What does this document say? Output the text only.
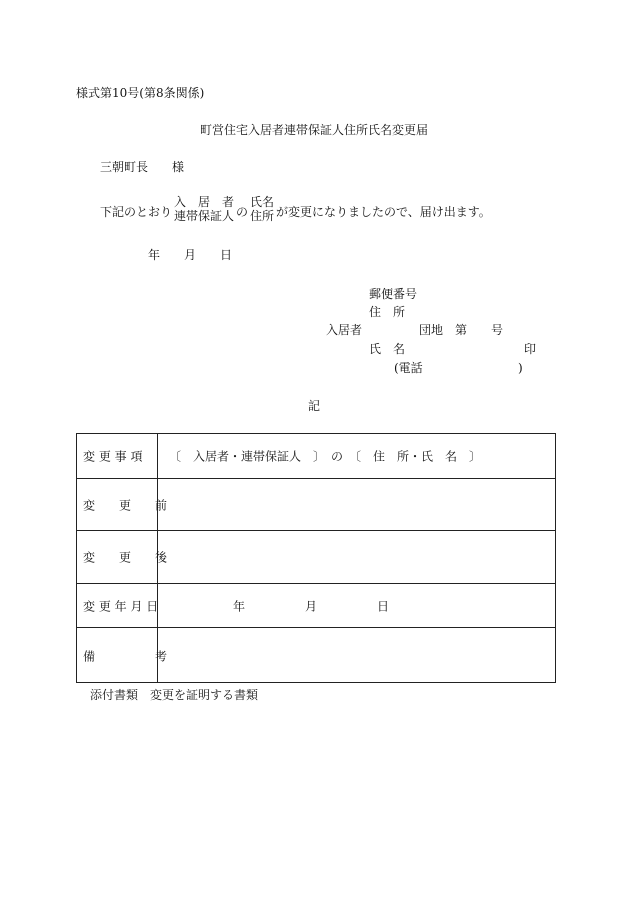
様式第10号(第8条関係)
町営住宅入居者連帯保証人住所氏名変更届
三朝町長　　様
下記のとおり
入　居　者
連帯保証人 の
氏名
住所 が変更になりましたので、届け出ます。
年　　月　　日
郵便番号
住　所
入居者	団地　第　　号
氏　名	印
(電話	)
記
変 更 事 項	〔　入居者・連帯保証人　〕　の　〔　住　所・氏　名　〕
変　　更　　前
変　　更　　後
変 更 年 月 日	年　　　　　月　　　　　日
備　　　　　考
添付書類　変更を証明する書類
